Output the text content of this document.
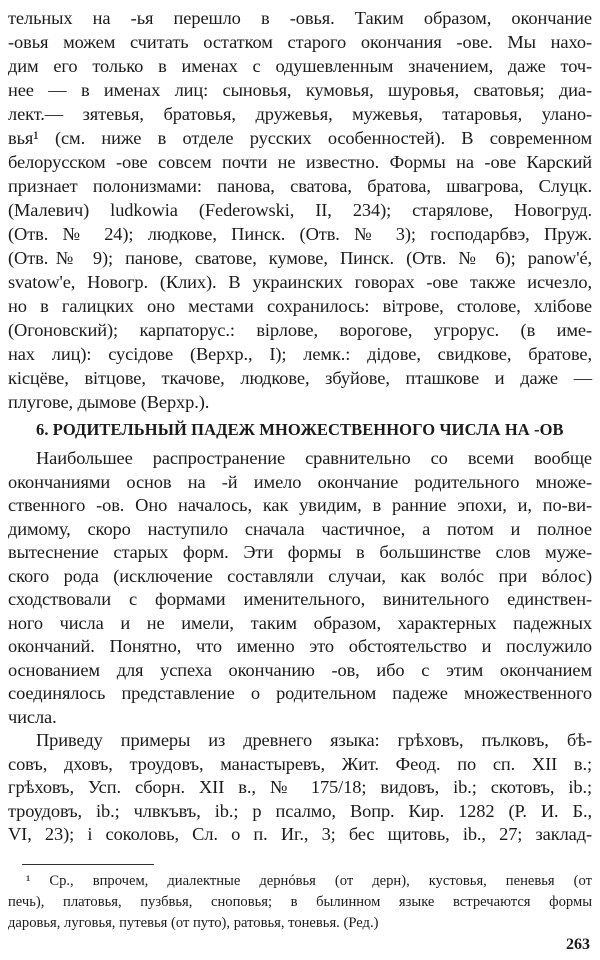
тельных на -ья перешло в -овья. Таким образом, окончание
-овья можем считать остатком старого окончания -ове. Мы нахо-
дим его только в именах с одушевленным значением, даже точ-
нее — в именах лиц: сыновья, кумовья, шуровья, сватовья; диа-
лект.— зятевья, братовья, дружевья, мужевья, татаровья, улано-
вья¹ (см. ниже в отделе русских особенностей). В современном
белорусском -ове совсем почти не известно. Формы на -ове Карский
признает полонизмами: панова, сватова, братова, швагрова, Слуцк.
(Малевич) ludkowia (Federowski, II, 234); старялове, Новогруд.
(Отв. № 24); людкове, Пинск. (Отв. № 3); господарбвэ, Пруж.
(Отв.№ 9); панове, сватове, кумове, Пинск. (Отв. № 6); panow'é,
svatow'e, Новогр. (Клих). В украинских говорах -ове также исчезло,
но в галицких оно местами сохранилось: вітрове, столове, хлібове
(Огоновский); карпаторус.: вірлове, ворогове, угрорус. (в име-
нах лиц): сусідове (Верхр., I); лемк.: дідове, свидкове, братове,
6. РОДИТЕЛЬНЫЙ ПАДЕЖ МНОЖЕСТВЕННОГО ЧИСЛА НА -ОВ
Наибольшее распространение сравнительно со всеми вообще
окончаниями основ на -й имело окончание родительного множе-
ственного -ов. Оно началось, как увидим, в ранние эпохи, и, по-ви-
димому, скоро наступило сначала частичное, а потом и полное
вытеснение старых форм. Эти формы в большинстве слов муже-
ского рода (исключение составляли случаи, как волóс при вóлос)
сходствовали с формами именительного, винительного единствен-
ного числа и не имели, таким образом, характерных падежных
окончаний. Понятно, что именно это обстоятельство и послужило
основанием для успеха окончанию -ов, ибо с этим окончанием
соединялось представление о родительном падеже множественного
числа.
Приведу примеры из древнего языка: грѣховъ, пълковъ, бѣ-
совъ, дховъ, троудовъ, манастыревъ, Жит. Феод. по сп. XII в.;
грѣховъ, Усп. сборн. XII в., № 175/18; видовъ, ib.; скотовъ, ib.;
¹ Ср., впрочем, диалектные дернóвья (от дерн), кустовья, пеневья (от
печь), платовья, пузбвья, сноповья; в былинном языке встречаются формы
даровья, луговья, путевья (от путо), ратовья, тоневья. (Ред.)
263
кісцёве, вітцове, ткачове, людкове, збуйове, пташкове и даже —
плугове, дымове (Верхр.).
троудовъ, ib.; члвкъвъ, ib.; р псалмо, Вопр. Кир. 1282 (Р. И. Б.,
VI, 23); і соколовь, Сл. о п. Иг., 3; бес щитовь, ib., 27; заклад-
